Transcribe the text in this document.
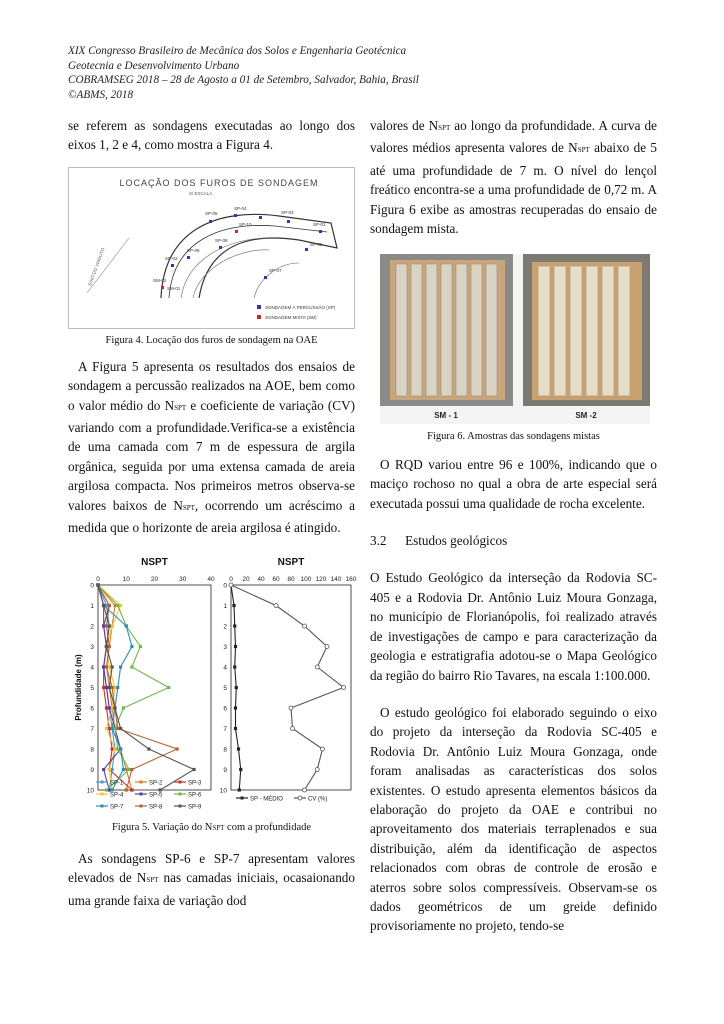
XIX Congresso Brasileiro de Mecânica dos Solos e Engenharia Geotécnica
Geotecnia e Desenvolvimento Urbano
COBRAMSEG 2018 – 28 de Agosto a 01 de Setembro, Salvador, Bahia, Brasil
©ABMS, 2018

se referem as sondagens executadas ao longo dos eixos 1, 2 e 4, como mostra a Figura 4.

LOCAÇÃO DOS FUROS DE SONDAGEM
S/ ESCALA
EIXO DO VIADUTO
SP-05
SP-04
SP-03
SP-01
SP-06
SP-07
SP-08
SP-09
SP-02
SP-10
SM-02
SM-01
SONDAGEM À PERCUSSÃO (SP)
SONDAGEM MISTA (SM)

Figura 4. Locação dos furos de sondagem na OAE

A Figura 5 apresenta os resultados dos ensaios de sondagem a percussão realizados na AOE, bem como o valor médio do NSPT e coeficiente de variação (CV) variando com a profundidade.Verifica-se a existência de uma camada com 7 m de espessura de argila orgânica, seguida por uma extensa camada de areia argilosa compacta. Nos primeiros metros observa-se valores baixos de NSPT, ocorrendo um acréscimo a medida que o horizonte de areia argilosa é atingido.

NSPT
0	10	20	30	40
0
1
2
3
4
5
6
7
8
9
10
Profundidade (m)
NSPT
0 20 40 60 80 100 120 140 160
0
1
2
3
4
5
6
7
8
9
10
SP-1	SP-2	SP-3
SP-4	SP-5	SP-6
SP-7	SP-8	SP-9
SP - MÉDIO	CV (%)

Figura 5. Variação do NSPT com a profundidade

As sondagens SP-6 e SP-7 apresentam valores elevados de NSPT nas camadas iniciais, ocasaionando uma grande faixa de variação dod

valores de NSPT ao longo da profundidade. A curva de valores médios apresenta valores de NSPT abaixo de 5 até uma profundidade de 7 m. O nível do lençol freático encontra-se a uma profundidade de 0,72 m. A Figura 6 exibe as amostras recuperadas do ensaio de sondagem mista.

SM - 1	SM -2

Figura 6. Amostras das sondagens mistas

O RQD variou entre 96 e 100%, indicando que o maciço rochoso no qual a obra de arte especial será executada possui uma qualidade de rocha excelente.

3.2 Estudos geológicos

O Estudo Geológico da interseção da Rodovia SC-405 e a Rodovia Dr. Antônio Luiz Moura Gonzaga, no município de Florianópolis, foi realizado através de investigações de campo e para caracterização da geologia e estratigrafia adotou-se o Mapa Geológico da região do bairro Rio Tavares, na escala 1:100.000.

O estudo geológico foi elaborado seguindo o eixo do projeto da interseção da Rodovia SC-405 e Rodovia Dr. Antônio Luiz Moura Gonzaga, onde foram analisadas as características dos solos existentes. O estudo apresenta elementos básicos da elaboração do projeto da OAE e contribui no aproveitamento dos materiais terraplenados e sua distribuição, além da identificação de aspectos relacionados com obras de controle de erosão e aterros sobre solos compressíveis. Observam-se os dados geométricos de um greide definido provisoriamente no projeto, tendo-se
